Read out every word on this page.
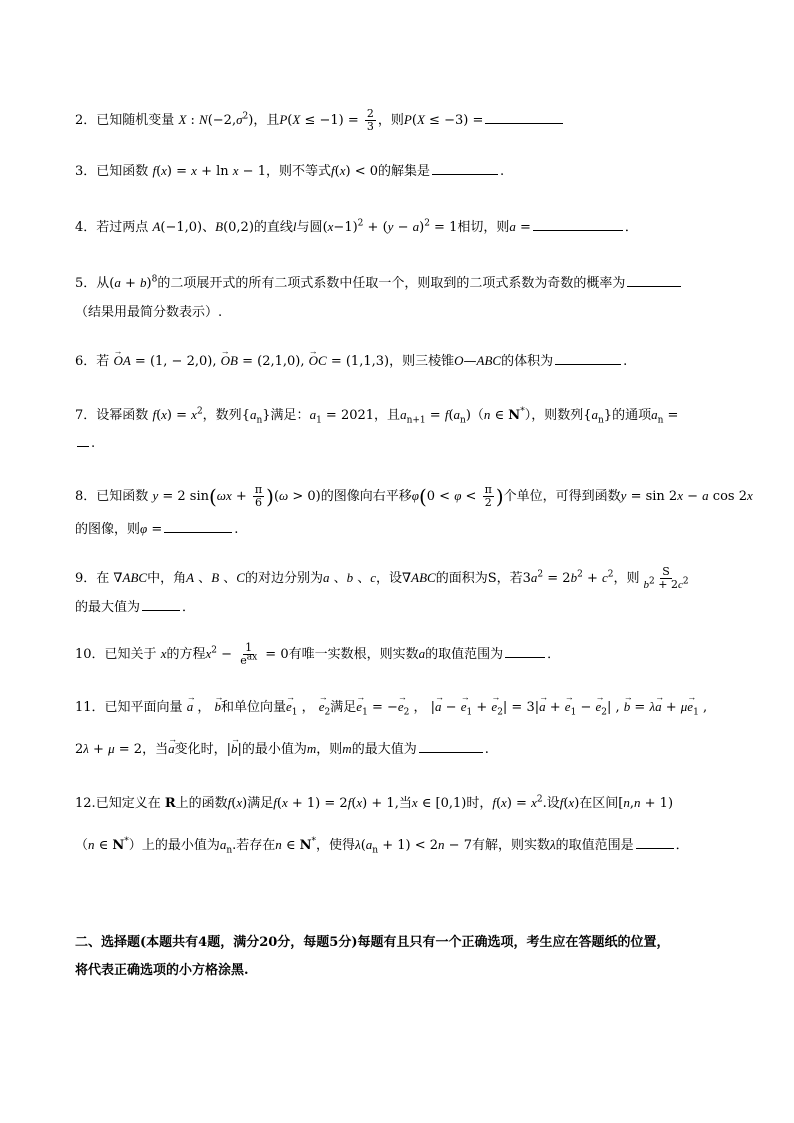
2．已知随机变量 X : $N(-2,\sigma^2)$，且$P(X \le -1) = \frac{2}{3}$ ，则P(X ≤ −3) =
3．已知函数 f(x) = x + ln x − 1，则不等式f(x) < 0的解集是	.
4．若过两点 A(−1,0)、B(0,2)的直线l与圆$(x-1)^2 + (y - a)^2 = 1$相切，则a =	．
5．从$(a + b)^8$的二项展开式的所有二项式系数中任取一个，则取到的二项式系数为奇数的概率为
（结果用最简分数表示）.
6．若 → OA = (1, − 2,0), → OB = (2,1,0), → OC = (1,1,3)，则三棱锥O—ABC的体积为	.
7．设幂函数 $f(x) = x^2$，数列$\{a_n\}$满足：$a_1 = 2021$，且$a_{n+1} = f(a_n)(n$ ∈ N*），则数列$\{a_n\}$的通项$a_n$ =
.
8．已知函数 y = 2 $\sin(\omega x + \frac{\pi}{6} )(\omega > 0)$的图像向右平移$\varphi(0 < \varphi < \frac{\pi}{2}$ )个单位，可得到函数y = sin 2x − a cos 2x
的图像，则φ =	.
9．在 ∇ABC中，角A 、B 、C的对边分别为a 、b 、c，设∇ABC的面积为S，若$3a^2 = 2b^2 + c^2$，则 $\frac{S}{b^2 + 2c^2}$
的最大值为	．
10．已知关于 x的方程$x^2 - \frac{1}{e^{ax}} = 0$有唯一实数根，则实数a的取值范围为	．
11．已知平面向量 → a ， → b和单位向量→ $e_1$ ， → $e_2$满足→ $e_1$ = −→ $e_2$ ， |→ a − → $e_1$ + → $e_2| = 3|\to a$ + → $e_1$ − → $e_2|$ , → $b = \lambda\to a + \mu\to e_1$ ,
2λ + μ = 2，当→ a变化时，|→ b|的最小值为m，则m的最大值为	.
12.已知定义在 R上的函数f(x)满足f(x + 1) = 2f(x) + 1,当x ∈ [0,1)时，$f(x) = x^2$.设f(x)在区间[n,n + 1)
（n ∈ N*）上的最小值为$a_n$.若存在n ∈ N*，使得$\lambda(a_n + 1) < 2n - 7$有解，则实数λ的取值范围是	．
二、选择题(本题共有4题，满分20分，每题5分)每题有且只有一个正确选项，考生应在答题纸的位置，
将代表正确选项的小方格涂黑.
